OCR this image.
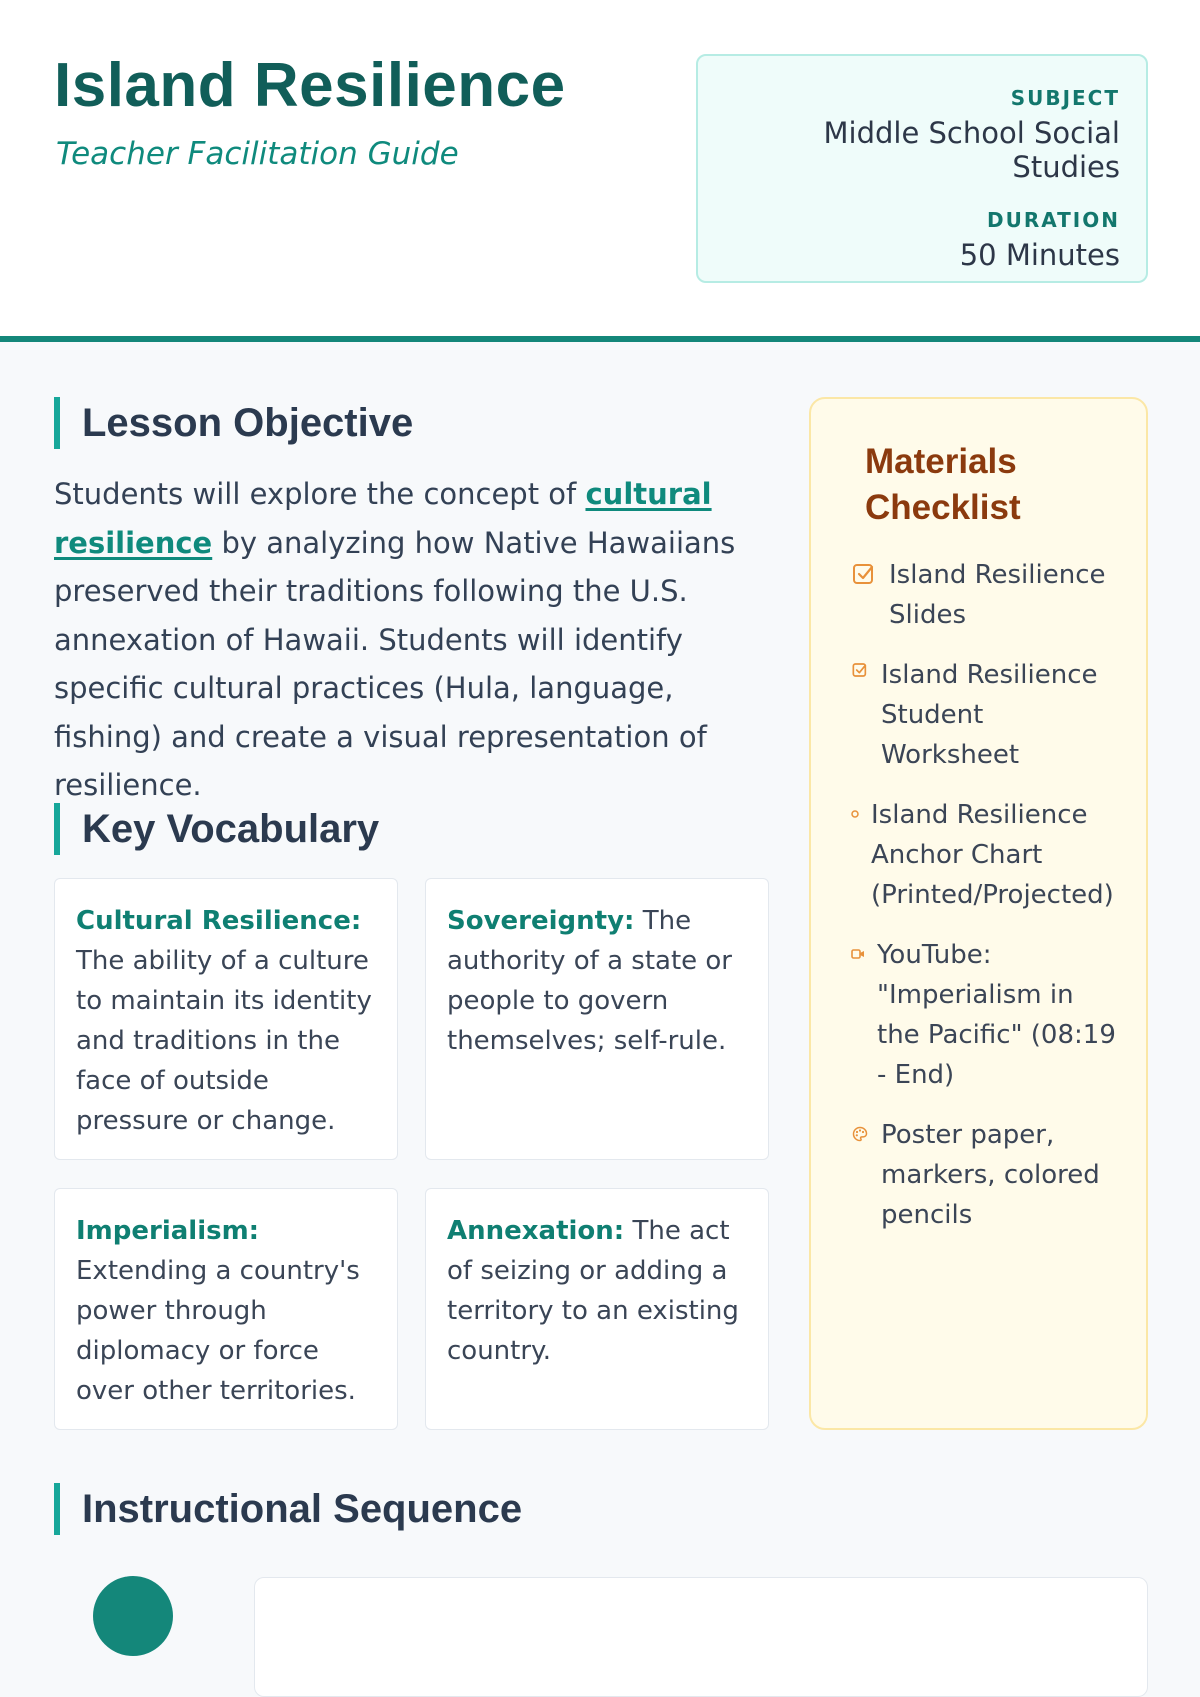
Island Resilience
Teacher Facilitation Guide
SUBJECT
Middle School Social Studies
DURATION
50 Minutes
Lesson Objective
Students will explore the concept of cultural resilience by analyzing how Native Hawaiians preserved their traditions following the U.S. annexation of Hawaii. Students will identify specific cultural practices (Hula, language, fishing) and create a visual representation of resilience.
Key Vocabulary
Cultural Resilience: The ability of a culture to maintain its identity and traditions in the face of outside pressure or change.
Sovereignty: The authority of a state or people to govern themselves; self-rule.
Imperialism: Extending a country's power through diplomacy or force over other territories.
Annexation: The act of seizing or adding a territory to an existing country.
Materials Checklist
Island Resilience Slides
Island Resilience Student Worksheet
Island Resilience Anchor Chart (Printed/Projected)
YouTube: "Imperialism in the Pacific" (08:19 - End)
Poster paper, markers, colored pencils
Instructional Sequence
